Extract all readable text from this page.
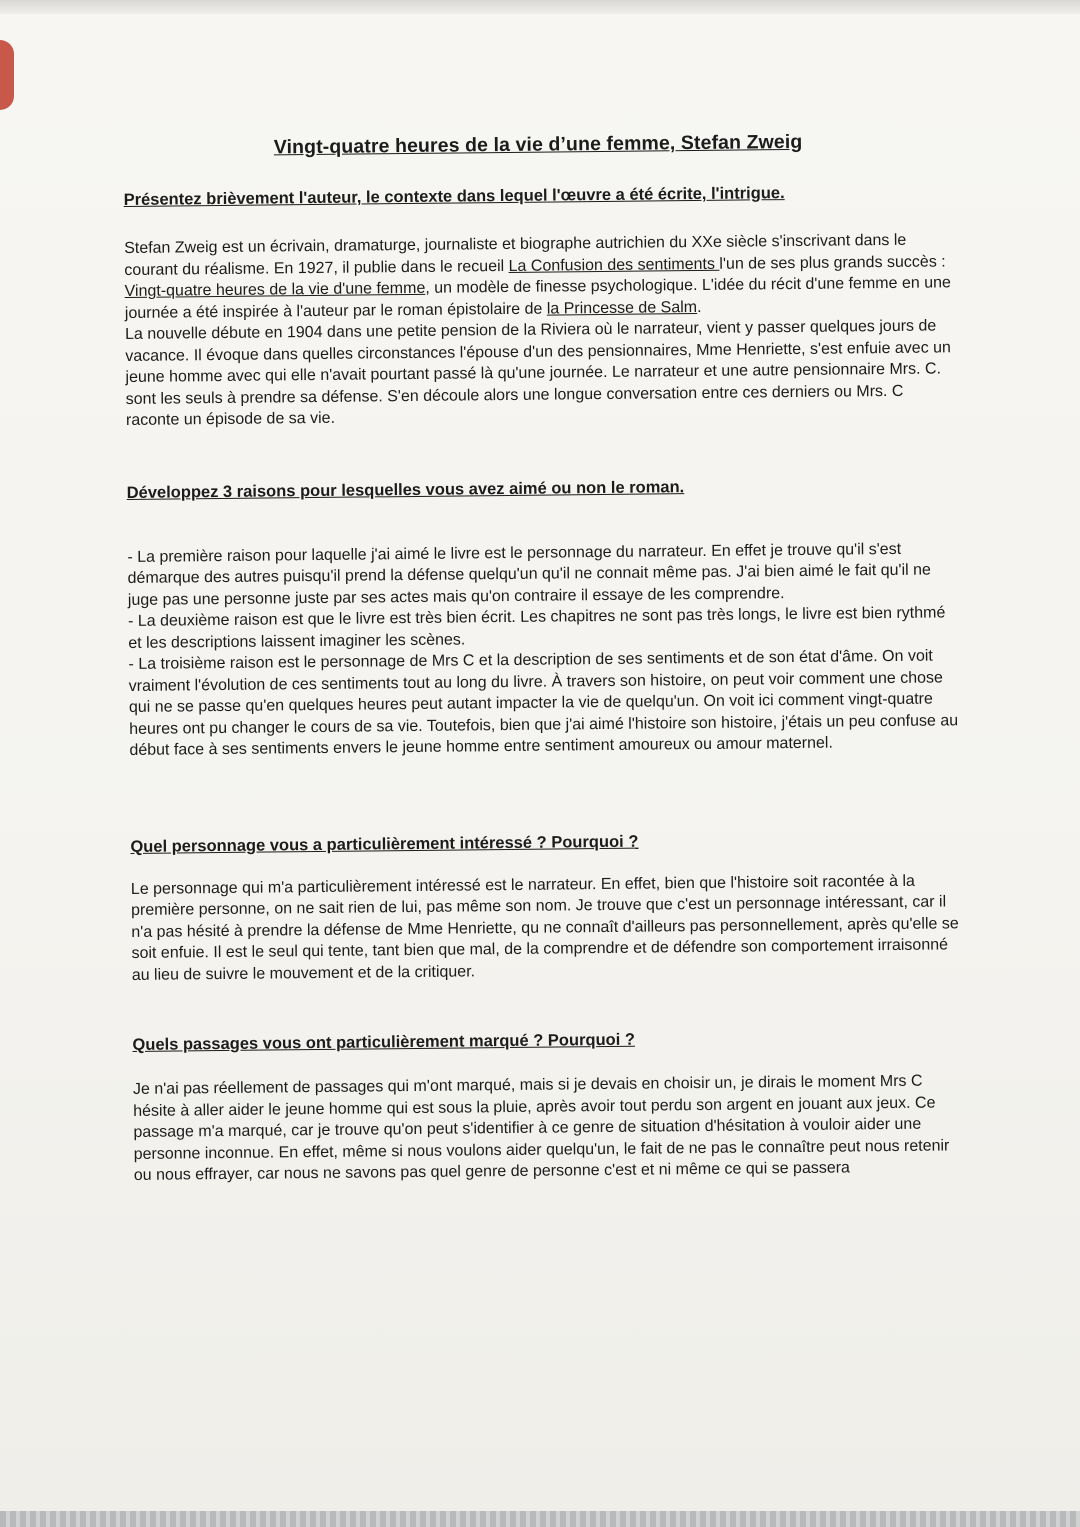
Vingt-quatre heures de la vie d’une femme, Stefan Zweig
Présentez brièvement l'auteur, le contexte dans lequel l'œuvre a été écrite, l'intrigue.

Stefan Zweig est un écrivain, dramaturge, journaliste et biographe autrichien du XXe siècle s'inscrivant dans le courant du réalisme. En 1927, il publie dans le recueil La Confusion des sentiments l'un de ses plus grands succès : Vingt-quatre heures de la vie d'une femme, un modèle de finesse psychologique. L'idée du récit d'une femme en une journée a été inspirée à l'auteur par le roman épistolaire de la Princesse de Salm.

La nouvelle débute en 1904 dans une petite pension de la Riviera où le narrateur, vient y passer quelques jours de vacance. Il évoque dans quelles circonstances l'épouse d'un des pensionnaires, Mme Henriette, s'est enfuie avec un jeune homme avec qui elle n'avait pourtant passé là qu'une journée. Le narrateur et une autre pensionnaire Mrs. C. sont les seuls à prendre sa défense. S'en découle alors une longue conversation entre ces derniers ou Mrs. C raconte un épisode de sa vie.

Développez 3 raisons pour lesquelles vous avez aimé ou non le roman.

- La première raison pour laquelle j'ai aimé le livre est le personnage du narrateur. En effet je trouve qu'il s'est démarque des autres puisqu'il prend la défense quelqu'un qu'il ne connait même pas. J'ai bien aimé le fait qu'il ne juge pas une personne juste par ses actes mais qu'on contraire il essaye de les comprendre.

- La deuxième raison est que le livre est très bien écrit. Les chapitres ne sont pas très longs, le livre est bien rythmé et les descriptions laissent imaginer les scènes.

- La troisième raison est le personnage de Mrs C et la description de ses sentiments et de son état d'âme. On voit vraiment l'évolution de ces sentiments tout au long du livre. À travers son histoire, on peut voir comment une chose qui ne se passe qu'en quelques heures peut autant impacter la vie de quelqu'un. On voit ici comment vingt-quatre heures ont pu changer le cours de sa vie. Toutefois, bien que j'ai aimé l'histoire son histoire, j'étais un peu confuse au début face à ses sentiments envers le jeune homme entre sentiment amoureux ou amour maternel.

Quel personnage vous a particulièrement intéressé ? Pourquoi ?

Le personnage qui m'a particulièrement intéressé est le narrateur. En effet, bien que l'histoire soit racontée à la première personne, on ne sait rien de lui, pas même son nom. Je trouve que c'est un personnage intéressant, car il n'a pas hésité à prendre la défense de Mme Henriette, qu ne connaît d'ailleurs pas personnellement, après qu'elle se soit enfuie. Il est le seul qui tente, tant bien que mal, de la comprendre et de défendre son comportement irraisonné au lieu de suivre le mouvement et de la critiquer.

Quels passages vous ont particulièrement marqué ? Pourquoi ?

Je n'ai pas réellement de passages qui m'ont marqué, mais si je devais en choisir un, je dirais le moment Mrs C hésite à aller aider le jeune homme qui est sous la pluie, après avoir tout perdu son argent en jouant aux jeux. Ce passage m'a marqué, car je trouve qu'on peut s'identifier à ce genre de situation d'hésitation à vouloir aider une personne inconnue. En effet, même si nous voulons aider quelqu'un, le fait de ne pas le connaître peut nous retenir ou nous effrayer, car nous ne savons pas quel genre de personne c'est et ni même ce qui se passera
